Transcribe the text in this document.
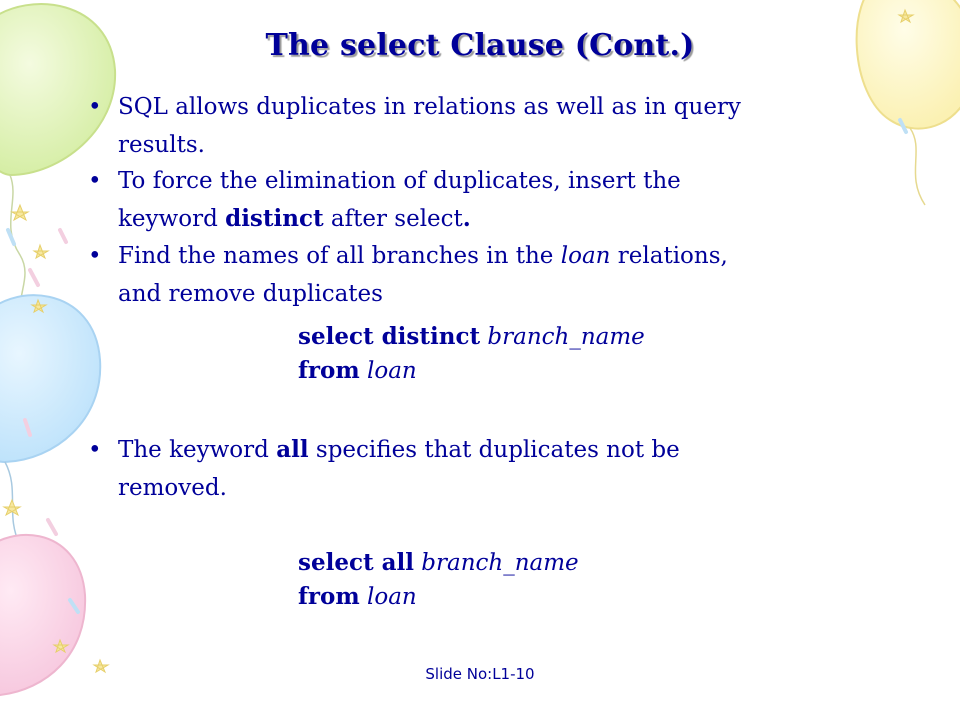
The select Clause (Cont.)
• SQL allows duplicates in relations as well as in query
results.
• To force the elimination of duplicates, insert the
keyword distinct after select.
• Find the names of all branches in the loan relations,
and remove duplicates
select distinct branch_name
from loan
• The keyword all specifies that duplicates not be
removed.
select all branch_name
from loan
Slide No:L1-10
